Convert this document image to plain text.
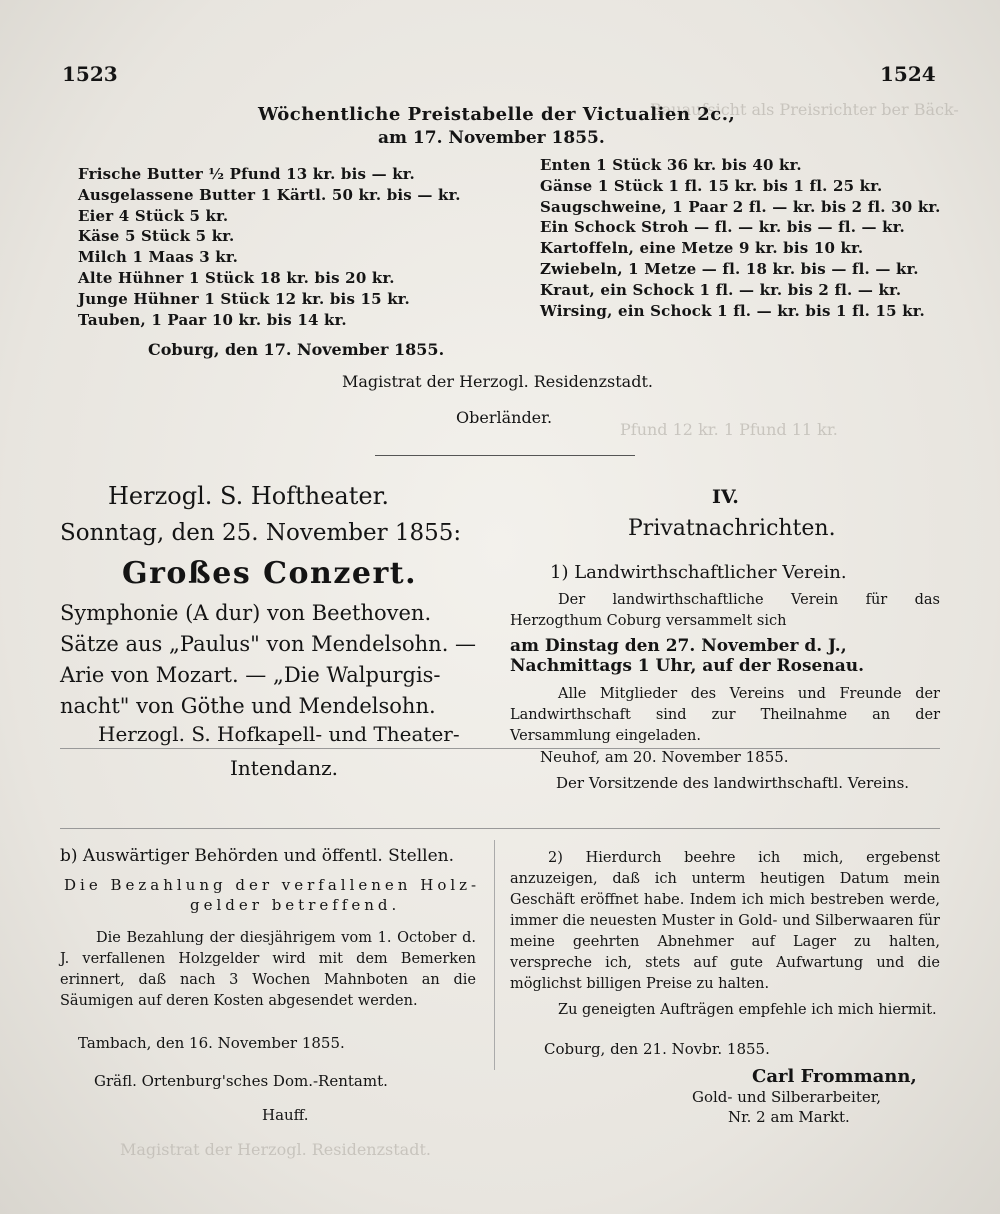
Bauaufsicht als Preisrichter ber Bäck-
Pfund 12 kr. 1 Pfund 11 kr.
Magistrat der Herzogl. Residenzstadt.
1523	1524
Wöchentliche Preistabelle der Victualien 2c.,
am 17. November 1855.
Frische Butter ½ Pfund 13 kr. bis — kr.
Ausgelassene Butter 1 Kärtl. 50 kr. bis — kr.
Eier 4 Stück 5 kr.
Käse 5 Stück 5 kr.
Milch 1 Maas 3 kr.
Alte Hühner 1 Stück 18 kr. bis 20 kr.
Junge Hühner 1 Stück 12 kr. bis 15 kr.
Tauben, 1 Paar 10 kr. bis 14 kr.
Enten 1 Stück 36 kr. bis 40 kr.
Gänse 1 Stück 1 fl. 15 kr. bis 1 fl. 25 kr.
Saugschweine, 1 Paar 2 fl. — kr. bis 2 fl. 30 kr.
Ein Schock Stroh — fl. — kr. bis — fl. — kr.
Kartoffeln, eine Metze 9 kr. bis 10 kr.
Zwiebeln, 1 Metze — fl. 18 kr. bis — fl. — kr.
Kraut, ein Schock 1 fl. — kr. bis 2 fl. — kr.
Wirsing, ein Schock 1 fl. — kr. bis 1 fl. 15 kr.
Coburg, den 17. November 1855.
Magistrat der Herzogl. Residenzstadt.
Oberländer.
Herzogl. S. Hoftheater.
Sonntag, den 25. November 1855:
Großes Conzert.
Symphonie (A dur) von Beethoven.
Sätze aus „Paulus" von Mendelsohn. —
Arie von Mozart. — „Die Walpurgis-
nacht" von Göthe und Mendelsohn.
Herzogl. S. Hofkapell- und Theater-
Intendanz.
IV.
Privatnachrichten.
1) Landwirthschaftlicher Verein.
Der landwirthschaftliche Verein für das Herzogthum Coburg versammelt sich
am Dinstag den 27. November d. J.,
Nachmittags 1 Uhr, auf der Rosenau.
Alle Mitglieder des Vereins und Freunde der Landwirthschaft sind zur Theilnahme an der Versammlung eingeladen.
Neuhof, am 20. November 1855.
Der Vorsitzende des landwirthschaftl. Vereins.
2) Hierdurch beehre ich mich, ergebenst anzuzeigen, daß ich unterm heutigen Datum mein Geschäft eröffnet habe. Indem ich mich bestreben werde, immer die neuesten Muster in Gold- und Silberwaaren für meine geehrten Abnehmer auf Lager zu halten, verspreche ich, stets auf gute Aufwartung und die möglichst billigen Preise zu halten.
Zu geneigten Aufträgen empfehle ich mich hiermit.
Coburg, den 21. Novbr. 1855.
Carl Frommann,
Gold- und Silberarbeiter,
Nr. 2 am Markt.
b) Auswärtiger Behörden und öffentl. Stellen.
Die Bezahlung der verfallenen Holz-
gelder betreffend.
Die Bezahlung der diesjährigem vom 1. October d. J. verfallenen Holzgelder wird mit dem Bemerken erinnert, daß nach 3 Wochen Mahnboten an die Säumigen auf deren Kosten abgesendet werden.
Tambach, den 16. November 1855.
Gräfl. Ortenburg'sches Dom.-Rentamt.
Hauff.
